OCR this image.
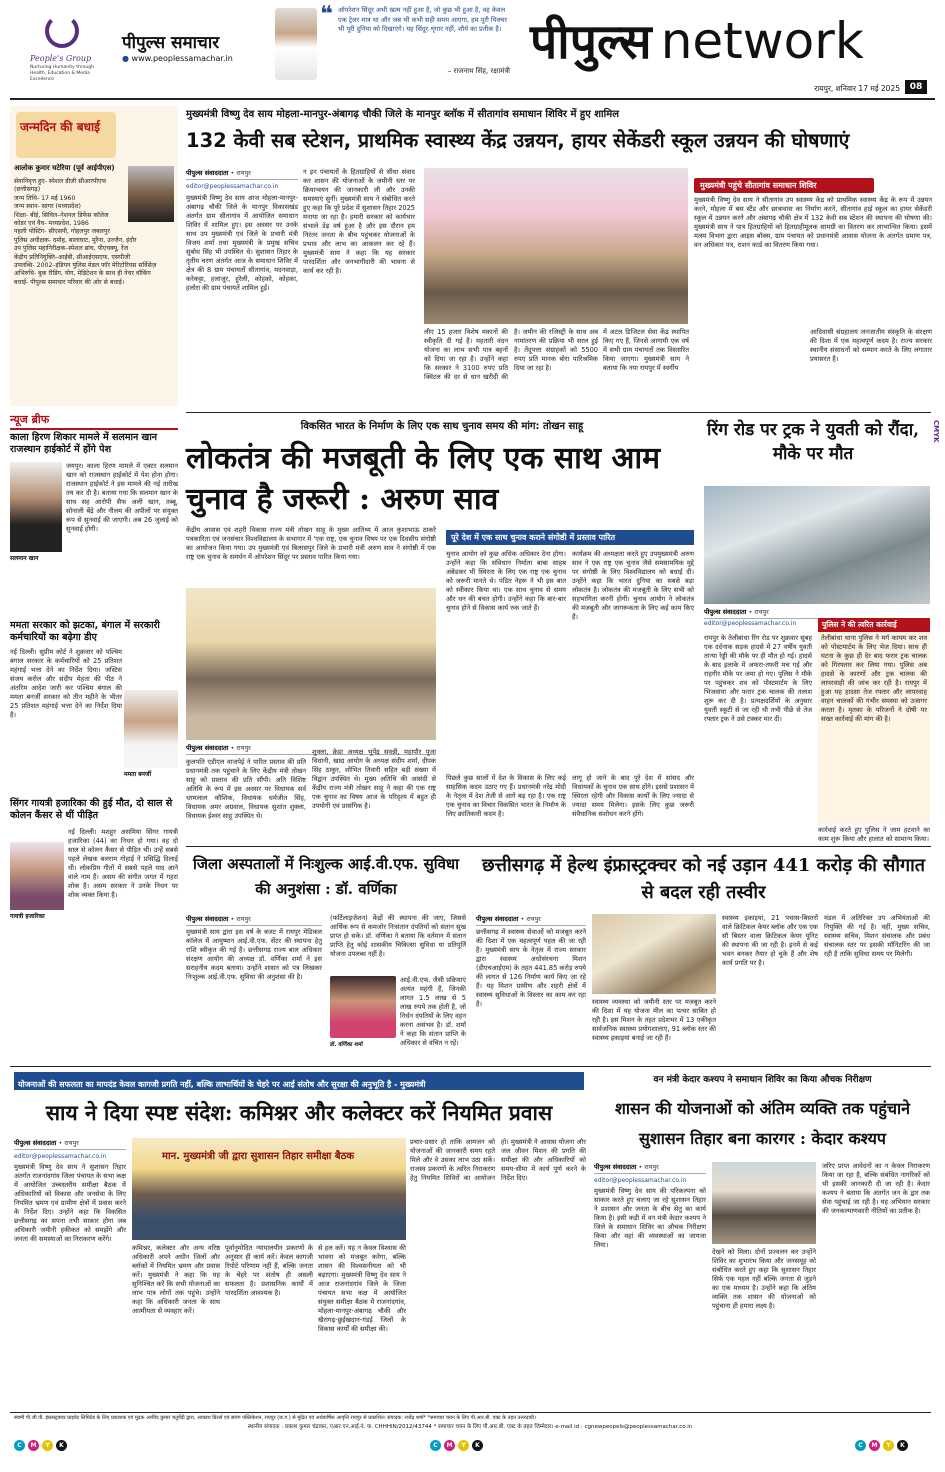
People's Group
Nurturing Humanity through Health, Education & Media Excellence
पीपुल्स समाचार
● www.peoplessamachar.in
❝ ऑपरेशन सिंदूर अभी खत्म नहीं हुआ है, जो कुछ भी हुआ है, वह केवल एक ट्रेलर मात्र था और जब भी कभी सही समय आएगा, हम पूरी पिक्चर भी पूरी दुनिया को दिखाएंगे। यह सिंदूर शृंगार नहीं, शौर्य का प्रतीक है।
– राजनाथ सिंह, रक्षामंत्री
पीपुल्स network
रायपुर, शनिवार 17 मई 2025	08
जन्मदिन की बधाई
आलोक कुमार घटेरिया (पूर्व आईपीएस)
सेवानिवृत्त हुए- स्पेशल डीजी सीआरपीएफ (छत्तीसगढ़)
जन्म तिथि- 17 मई 1960
जन्म स्थान- सागर (मध्यप्रदेश)
शिक्षा- बीई, सिविल–नेशनल डिफेंस कॉलेज
कोडर एवं वैच- मध्यप्रदेश, 1986
पहली पोस्टिंग- सीएसपी, गोहलपुर जबलपुर
पुलिस अधीक्षक- दमोह, बालाघाट, मुरैना, उज्जैन, इंदौर
उप पुलिस महानिरीक्षक–स्पेशल ब्रांच, पीएचक्यू, रेंज
केंद्रीय प्रतिनियुक्ति–आईबी, सीआईएसएफ, एसपीजी
उपलब्धि- 2002–इंडियन पुलिस मेडल फॉर मेरिटोरियस सर्विसेज़
अभिरुचि- बुक रीडिंग, योग, मेडिटेशन के साथ ही नेचर वॉकिंग
बधाई- पीपुल्स समाचार परिवार की ओर से बधाई।
मुख्यमंत्री विष्णु देव साय मोहला-मानपुर-अंबागढ़ चौकी जिले के मानपुर ब्लॉक में सीतागांव समाधान शिविर में हुए शामिल
132 केवी सब स्टेशन, प्राथमिक स्वास्थ्य केंद्र उन्नयन, हायर सेकेंडरी स्कूल उन्नयन की घोषणाएं
पीपुल्स संवाददाता • रायपुर
editor@peoplessamachar.co.in
मुख्यमंत्री विष्णु देव साय आज मोहला-मानपुर-अंबागढ़ चौकी जिले के मानपुर विकासखंड अंतर्गत ग्राम सीतागांव में आयोजित समाधान शिविर में शामिल हुए। इस अवसर पर उनके साथ उप मुख्यमंत्री एवं जिले के प्रभारी मंत्री विजय शर्मा तथा मुख्यमंत्री के प्रमुख सचिव सुबोध सिंह भी उपस्थित थे। सुशासन तिहार के तृतीय चरण अंतर्गत आज के समाधान शिविर में क्षेत्र की 8 ग्राम पंचायतों सीतागांव, मदनवाड़ा, करेकट्टा, हलांजूर, हुरेली, कोहको, कोहका, हलोरा की ग्राम पंचायतें शामिल हुईं।
न इन पंचायतों के हितग्राहियों से सीधा संवाद कर शासन की योजनाओं के जमीनी स्तर पर क्रियान्वयन की जानकारी ली और उनकी समस्याएं सुनीं। मुख्यमंत्री साय ने संबोधित करते हुए कहा कि पूरे प्रदेश में सुशासन तिहार 2025 मनाया जा रहा है। हमारी सरकार को कार्यभार संभाले डेढ़ वर्ष हुआ है और इस दौरान हम निरंतर जनता के बीच पहुंचकर योजनाओं के प्रभाव और लाभ का आकलन कर रहे हैं। मुख्यमंत्री साय ने कहा कि यह सरकार पारदर्शिता और जनभागीदारी की भावना से कार्य कर रही है।
लीए 15 हजार विशेष मकानों की स्वीकृति दी गई है। महतारी वंदन योजना का लाभ सभी पात्र बहनों को दिया जा रहा है। उन्होंने कहा कि सरकार ने 3100 रुपए प्रति क्विंटल की दर से धान खरीदी की है। जमीन की रजिस्ट्री के साथ अब नामांतरण की प्रक्रिया भी सरल हुई है। तेंदूपत्ता संग्राहकों को 5500 रुपए प्रति मानक बोरा पारिश्रमिक दिया जा रहा है।
में अटल डिजिटल सेवा केंद्र स्थापित किए गए हैं, जिनसे आगामी एक वर्ष में सभी ग्राम पंचायतों तक विस्तारित किया जाएगा। मुख्यमंत्री साय ने बताया कि नया रायपुर में स्वर्गीय
मुख्यमंत्री पहुंचे सीतागांव समाधान शिविर
मुख्यमंत्री विष्णु देव साय ने सीतागांव उप स्वास्थ्य केंद्र को प्राथमिक स्वास्थ्य केंद्र के रूप में उन्नयन करने, मोहला में बस स्टैंड और छात्रावास का निर्माण करने, सीतागांव हाई स्कूल का हायर सेकेंडरी स्कूल में उन्नयन करने और अंबागढ़ चौकी क्षेत्र में 132 केवी सब स्टेशन की स्थापना की घोषणा की। मुख्यमंत्री साय ने पात्र हितग्राहियों को हितग्राहीमूलक सामग्री का वितरण कर लाभान्वित किया। इसमें मत्स्य विभाग द्वारा आइस बॉक्स, ग्राम पंचायत को प्रधानमंत्री आवास योजना के अंतर्गत प्रमाण पत्र, वन अधिकार पत्र, राशन कार्ड का वितरण किया गया।
आदिवासी संग्रहालय जनजातीय संस्कृति के संरक्षण की दिशा में एक महत्वपूर्ण कदम है। राज्य सरकार स्थानीय संसाधनों को सम्मान करते के लिए लगातार प्रयासरत है।
न्यूज ब्रीफ
काला हिरण शिकार मामले में सलमान खान राजस्थान हाईकोर्ट में होंगे पेश
सलमान खान
जयपुर। काला हिरण मामले में एक्टर सलमान खान को राजस्थान हाईकोर्ट में पेश होना होगा। राजस्थान हाईकोर्ट ने इस मामले की नई तारीख तय कर दी है। बताया गया कि सलमान खान के साथ सह आरोपी सैफ अली खान, तब्बू, सोनाली बेंद्रे और नीलम की अपीलों पर संयुक्त रूप से सुनवाई की जाएगी। अब 26 जुलाई को सुनवाई होगी।
ममता सरकार को झटका, बंगाल में सरकारी कर्मचारियों का बढ़ेगा डीए
नई दिल्ली। सुप्रीम कोर्ट ने शुक्रवार को पश्चिम बंगाल सरकार के कर्मचारियों को 25 प्रतिशत महंगाई भत्ता देने का निर्देश दिया। जस्टिस संजय करोल और संदीप मेहता की पीठ ने अंतरिम आदेश जारी कर पश्चिम बंगाल की ममता बनर्जी सरकार को तीन महीने के भीतर 25 प्रतिशत महंगाई भत्ता देने का निर्देश दिया है।
ममता बनर्जी
सिंगर गायत्री हजारिका की हुई मौत, दो साल से कोलन कैंसर से थीं पीड़ित
गायत्री हजारिका
नई दिल्ली। मशहूर असमिया सिंगर गायत्री हजारिका (44) का निधन हो गया। वह दो साल से कोलन कैंसर से पीड़ित थीं। उन्हें सबसे पहले लेखक बलराम गोहाईं ने प्रसिद्धि दिलाई थी। लोकप्रिय गीतों में सबसे पहले याद आने वाले नाम हैं। असम की संगीत जगत में गहरा शोक है। असम सरकार ने उनके निधन पर शोक व्यक्त किया है।
विकसित भारत के निर्माण के लिए एक साथ चुनाव समय की मांग: तोखन साहू
लोकतंत्र की मजबूती के लिए एक साथ आम चुनाव है जरूरी : अरुण साव
केंद्रीय आवास एवं शहरी विकास राज्य मंत्री तोखन साहू के मुख्य आतिथ्य में आज कुशाभाऊ ठाकरे पत्रकारिता एवं जनसंचार विश्वविद्यालय के सभागार में 'एक राष्ट्र, एक चुनाव विषय पर एक दिवसीय संगोष्ठी का आयोजन किया गया। उप मुख्यमंत्री एवं बिलासपुर जिले के प्रभारी मंत्री अरुण साव ने संगोष्ठी में एक राष्ट्र एक चुनाव के समर्थन में ऑपरेशन सिंदूर पर प्रस्ताव पारित किया गया।
पीपुल्स संवाददाता • रायपुर
कुलपति एडीएल वाजपेई ने पारित प्रस्ताव की प्रति प्रधानमंत्री तक पहुंचाने के लिए केंद्रीय मंत्री तोखन साहू को प्रस्ताव की प्रति सौंपी। अति विशिष्ट अतिथि के रूप में इस अवसर पर विधायक सर्व धरमलाल कौशिक, विधायक धर्मजीत सिंह, विधायक अमर अग्रवाल, विधायक सुशांत शुक्ला, विधायक ईश्वर साहू उपस्थित थे।
शुक्ला, क्रेडा अध्यक्ष भूपेंद्र सवन्नी, महापौर पूजा विधानी, खाद्य आयोग के अध्यक्ष संदीप शर्मा, दीपक सिंह ठाकुर, शोभित तिवारी सहित बड़ी संख्या में विद्वान उपस्थित थे। मुख्य अतिथि की आसंदी से केंद्रीय राज्य मंत्री तोखन साहू ने कहा की एक राष्ट्र एक चुनाव का विषय आज के परिदृश्य में बहुत ही उपयोगी एवं प्रासंगिक है।
पूरे देश में एक साथ चुनाव कराने संगोष्ठी में प्रस्ताव पारित
चुनाव आयोग को कुछ अधिक अधिकार देना होगा। उन्होंने कहा कि संविधान निर्माता बाबा साहब अंबेडकर भी स्थिरता के लिए एक राष्ट्र एक चुनाव को जरूरी मानते थे। पंडित नेहरू ने भी इस बात को स्वीकार किया था। एक साथ चुनाव से समय और धन की बचत होगी। उन्होंने कहा कि बार-बार चुनाव होने से विकास कार्य रुक जाते हैं।
कार्यक्रम की अध्यक्षता करते हुए उपमुख्यमंत्री अरुण साव ने एक राष्ट्र एक चुनाव जैसे समसामयिक मुद्दे पर संगोष्ठी के लिए विश्वविद्यालय को बधाई दी। उन्होंने कहा कि भारत दुनिया का सबसे बड़ा लोकतंत्र है। लोकतंत्र की मजबूती के लिए सभी को सहभागिता करनी होगी। चुनाव आयोग ने लोकतंत्र की मजबूती और जागरूकता के लिए कई काम किए हैं।
पिछले कुछ सालों में देश के विकास के लिए कई साहसिक कदम उठाए गए हैं। प्रधानमंत्री नरेंद्र मोदी के नेतृत्व में देश तेजी से आगे बढ़ रहा है। एक राष्ट्र एक चुनाव का विचार विकसित भारत के निर्माण के लिए क्रांतिकारी कदम है।
लागू हो जाने के बाद पूरे देश में सांसद और विधायकों के चुनाव एक साथ होंगे। इससे प्रशासन में स्थिरता रहेगी और विकास कार्यों के लिए ज्यादा से ज्यादा समय मिलेगा। इसके लिए कुछ जरूरी संवैधानिक संशोधन करने होंगे।
रिंग रोड पर ट्रक ने युवती को रौंदा, मौके पर मौत
CMYK
पीपुल्स संवाददाता • रायपुर
editor@peoplessamachar.co.in
रायपुर के तेलीबांधा रिंग रोड पर शुक्रवार सुबह एक दर्दनाक सड़क हादसे में 27 वर्षीय युवती तान्या रेड्डी की मौके पर ही मौत हो गई। हादसे के बाद इलाके में अफरा-तफरी मच गई और राहगीर मौके पर जमा हो गए। पुलिस ने मौके पर पहुंचकर शव को पोस्टमार्टम के लिए भिजवाया और फरार ट्रक चालक की तलाश शुरू कर दी है। प्रत्यक्षदर्शियों के अनुसार युवती स्कूटी से जा रही थी तभी पीछे से तेज रफ्तार ट्रक ने उसे टक्कर मार दी।
पुलिस ने की त्वरित कार्रवाई
तेलीबांधा थाना पुलिस ने मर्ग कायम कर शव को पोस्टमार्टम के लिए भेज दिया। साथ ही घटना के कुछ ही देर बाद फरार ट्रक चालक को गिरफ्तार कर लिया गया। पुलिस अब हादसे के कारणों और ट्रक चालक की लापरवाही की जांच कर रही है। रायपुर में हुआ यह हादसा तेज रफ्तार और लापरवाह वाहन चालकों की गंभीर समस्या को उजागर करता है। मृतका के परिजनों ने दोषी पर सख्त कार्रवाई की मांग की है।
कार्रवाई करते हुए पुलिस ने जाम हटवाने का काम शुरू किया और हालात को सामान्य किया।
जिला अस्पतालों में निःशुल्क आई.वी.एफ. सुविधा की अनुशंसा : डॉ. वर्णिका
पीपुल्स संवाददाता • रायपुर
मुख्यमंत्री साय द्वारा इस वर्ष के बजट में रायपुर मेडिकल कॉलेज में आयुष्मान आई.वी.एफ. सेंटर की स्थापना हेतु राशि स्वीकृत की गई है। छत्तीसगढ़ राज्य बाल अधिकार संरक्षण आयोग की अध्यक्ष डॉ. वर्णिका शर्मा ने इस सराहनीय कदम बताया। उन्होंने शासन को पत्र लिखकर निःशुल्क आई.वी.एफ. सुविधा की अनुशंसा की है।
(फर्टिलाइजेशन) केंद्रों की स्थापना की जाए, जिससे आर्थिक रूप से कमजोर निःसंतान दंपतियों को संतान सुख प्राप्त हो सके। डॉ. वर्णिका ने बताया कि वर्तमान में संतान प्राप्ति हेतु कोई शासकीय चिकित्सा सुविधा या प्रतिपूर्ति योजना उपलब्ध नहीं है।
डॉ. वर्णिका शर्मा
आई.वी.एफ. जैसी प्रक्रियाएं अत्यंत महंगी हैं, जिनकी लागत 1.5 लाख से 5 लाख रुपये तक होती है, जो निर्धन दंपतियों के लिए वहन करना असंभव है। डॉ. शर्मा ने कहा कि संतान प्राप्ति के अधिकार से वंचित न रहें।
छत्तीसगढ़ में हेल्थ इंफ्रास्ट्रक्चर को नई उड़ान 441 करोड़ की सौगात से बदल रही तस्वीर
पीपुल्स संवाददाता • रायपुर
छत्तीसगढ़ में स्वास्थ्य सेवाओं को मजबूत करने की दिशा में एक महत्वपूर्ण पहल की जा रही है। मुख्यमंत्री साय के नेतृत्व में राज्य सरकार द्वारा स्वास्थ्य अधोसंरचना मिशन (डीएचआईएम) के तहत 441.85 करोड़ रुपये की लागत से 126 निर्माण कार्य किए जा रहे हैं। यह मिशन ग्रामीण और शहरी क्षेत्रों में स्वास्थ्य सुविधाओं के विस्तार का काम कर रहा है।	स्वास्थ्य व्यवस्था को जमीनी स्तर पर मजबूत करने की दिशा में यह योजना मील का पत्थर साबित हो रही है। इस मिशन के तहत प्रदेशभर में 13 एकीकृत सार्वजनिक स्वास्थ्य प्रयोगशालाएं, 91 ब्लॉक स्तर की स्वास्थ्य इकाइयां बनाई जा रही हैं।
स्वास्थ्य इकाइयां, 21 पचास-बिस्तरों वाले क्रिटिकल केयर ब्लॉक और एक एक सौ बिस्तर वाला क्रिटिकल केयर यूनिट की स्थापना की जा रही है। इनमें से कई भवन बनकर तैयार हो चुके हैं और शेष कार्य प्रगति पर है।
मंडल में अतिरिक्त उप अभियंताओं की नियुक्ति की गई है। वहीं, मुख्य सचिव, स्वास्थ्य सचिव, मिशन संचालक और प्रबंध संचालक स्तर पर इसकी मॉनिटरिंग की जा रही है ताकि सुविधा समय पर मिलेगी।
योजनाओं की सफलता का मापदंड केवल कागजी प्रगति नहीं, बल्कि लाभार्थियों के चेहरे पर आई संतोष और सुरक्षा की अनुभूति है - मुख्यमंत्री
साय ने दिया स्पष्ट संदेश: कमिश्नर और कलेक्टर करें नियमित प्रवास
पीपुल्स संवाददाता • रायपुर
editor@peoplessamachar.co.in
मुख्यमंत्री विष्णु देव साय ने सुशासन तिहार अंतर्गत राजनांदगांव जिला पंचायत के सभा कक्ष में आयोजित उच्चस्तरीय समीक्षा बैठक में अधिकारियों को विकास और जनसेवा के लिए नियमित भ्रमण एवं ग्रामीण क्षेत्रों में प्रवास करने के निर्देश दिए। उन्होंने कहा कि विकसित छत्तीसगढ़ का सपना तभी साकार होगा जब अधिकारी जमीनी हकीकत को समझेंगे और जनता की समस्याओं का निराकरण करेंगे।
मान. मुख्यमंत्री जी द्वारा सुशासन तिहार समीक्षा बैठक
कमिश्नर, कलेक्टर और अन्य वरिष्ठ अधिकारी अपने अधीन जिलों और ब्लॉकों में नियमित भ्रमण और प्रवास करें। मुख्यमंत्री ने कहा कि यह सुनिश्चित करें कि सभी योजनाओं का लाभ पात्र लोगों तक पहुंचे। उन्होंने कहा कि अधिकारी जनता के साथ आत्मीयता से व्यवहार करें।
पूर्वानुमोदित न्यायालयीन प्रकरणों के अनुसार ही कार्य करें। केवल कागजी रिपोर्ट परिणाम नहीं हैं, बल्कि जनता के चेहरे पर संतोष ही असली सफलता है। प्रशासनिक कार्यों में पारदर्शिता आवश्यक है।
से हल करें। यह न केवल विश्वास की भावना को मजबूत करेगा, बल्कि शासन की विश्वसनीयता को भी बढ़ाएगा। मुख्यमंत्री विष्णु देव साय ने आज राजनांदगांव जिले के जिला पंचायत सभा कक्ष में आयोजित संयुक्त समीक्षा बैठक में राजनांदगांव, मोहला-मानपुर-अंबागढ़ चौकी और खैरागढ़-छुईखदान-गंडई जिलों के विकास कार्यों की समीक्षा की।
प्रचार-प्रसार हो ताकि आमजन को योजनाओं की जानकारी समय रहते मिले और वे उसका लाभ उठा सकें। राजस्व प्रकरणों के त्वरित निराकरण हेतु नियमित शिविरों का आयोजन हो। मुख्यमंत्री ने आवास योजना और जल जीवन मिशन की प्रगति की समीक्षा की और अधिकारियों को समय-सीमा में कार्य पूर्ण करने के निर्देश दिए।
वन मंत्री केदार कश्यप ने समाधान शिविर का किया औचक निरीक्षण
शासन की योजनाओं को अंतिम व्यक्ति तक पहुंचाने सुशासन तिहार बना कारगर : केदार कश्यप
पीपुल्स संवाददाता • रायपुर
editor@peoplessamachar.co.in
मुख्यमंत्री विष्णु देव साय की परिकल्पना को साकार करते हुए चलाए जा रहे सुशासन तिहार ने प्रशासन और जनता के बीच सेतु का कार्य किया है। इसी कड़ी में वन मंत्री केदार कश्यप ने जिले के समाधान शिविर का औचक निरीक्षण किया और वहां की व्यवस्थाओं का जायजा लिया।
देखने को मिला। दोनों प्रज्वलन कर उन्होंने शिविर का शुभारंभ किया और जनसमूह को संबोधित करते हुए कहा कि सुशासन तिहार सिर्फ एक पहल नहीं बल्कि जनता से जुड़ने का एक माध्यम है। उन्होंने कहा कि अंतिम व्यक्ति तक शासन की योजनाओं को पहुंचाना ही हमारा लक्ष्य है।
जरिए प्राप्त आवेदनों का न केवल निराकरण किया जा रहा है, बल्कि संबंधित नागरिकों को भी इसकी जानकारी दी जा रही है। केदार कश्यप ने बताया कि अंतर्गत जन के द्वार तक सेवा पहुंचाई जा रही है। यह अभियान सरकार की जनकल्याणकारी नीतियों का प्रतीक है।
स्वामी पी.जी.पी. इंफ्रास्ट्रक्चर प्राइवेट लिमिटेड के लिए प्रकाशक एवं मुद्रक अरविंद कुमार चतुर्वेदी द्वारा, आकाश प्रिंटर्स एवं सारंग पब्लिकेशन, रायपुर (छ.ग.) से मुद्रित एवं अर्धवार्षिक आवृत्ति रायपुर से प्रकाशित। संपादक: राजेंद्र शर्मा* *समाचार चयन के लिए पी.आर.बी. एक्ट के तहत उत्तरदायी।
स्थानीय संपादक : प्रकाश कुमार चंद्राकर, एआर.एन.आई.नं. क. CHHHIN/2012/43744 * समाचार चयन के लिए पी.आर.बी. एक्ट के तहत जिम्मेदार। e-mail id : cgnewpeopels@peoplessamachar.co.in
C M Y K	C M Y K	C M Y K
